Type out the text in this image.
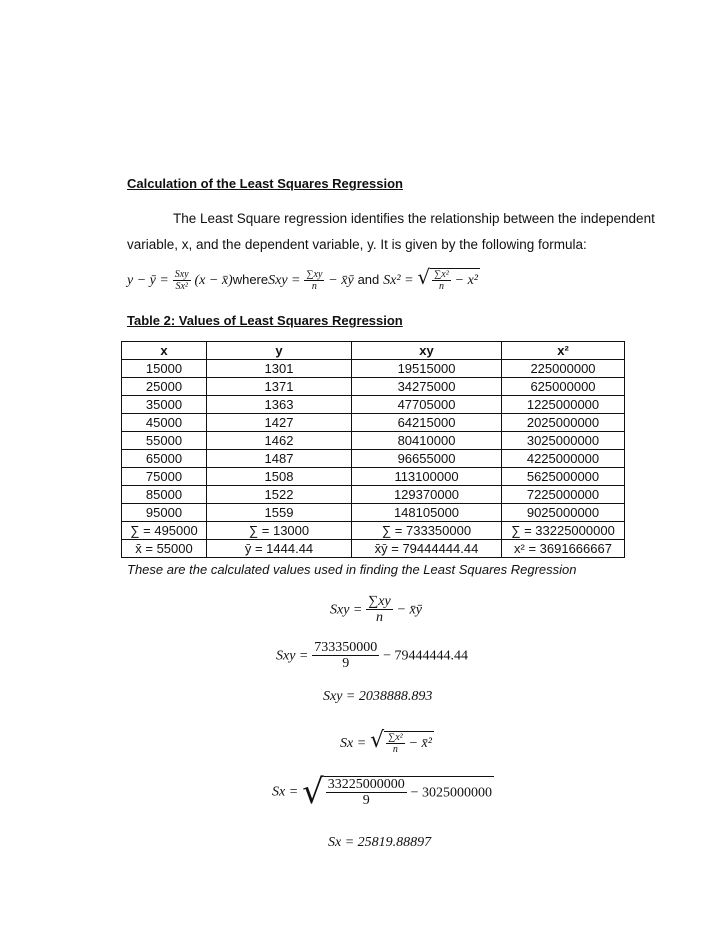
Calculation of the Least Squares Regression
The Least Square regression identifies the relationship between the independent
variable, x, and the dependent variable, y. It is given by the following formula:
y − ȳ = $\frac{\text{Sxy}}{\text{Sx²}} (x$ − x̄)whereSxy = $\frac{\sum xy}{n}$ − x̄ȳ and Sx² = √ $\frac{\text{∑x²}}{n} - x^2$
Table 2: Values of Least Squares Regression
x	y	xy	x²
15000	1301	19515000	225000000
25000	1371	34275000	625000000
35000	1363	47705000	1225000000
45000	1427	64215000	2025000000
55000	1462	80410000	3025000000
65000	1487	96655000	4225000000
75000	1508	113100000	5625000000
85000	1522	129370000	7225000000
95000	1559	148105000	9025000000
∑ = 495000	∑ = 13000	∑ = 733350000	∑ = 33225000000
x̄ = 55000	ȳ = 1444.44	x̄ȳ = 79444444.44	x² = 3691666667
These are the calculated values used in finding the Least Squares Regression
Sxy = $\frac{\sum xy}{n}$ − x̄ȳ
Sxy = $\frac{733350000}{9} - 79444444.44$
Sxy = 2038888.893
Sx = √ $\frac{\text{∑x²}}{n}$ − x̄²
Sx = √ $\frac{33225000000}{9} - 3025000000$
Sx = 25819.88897
